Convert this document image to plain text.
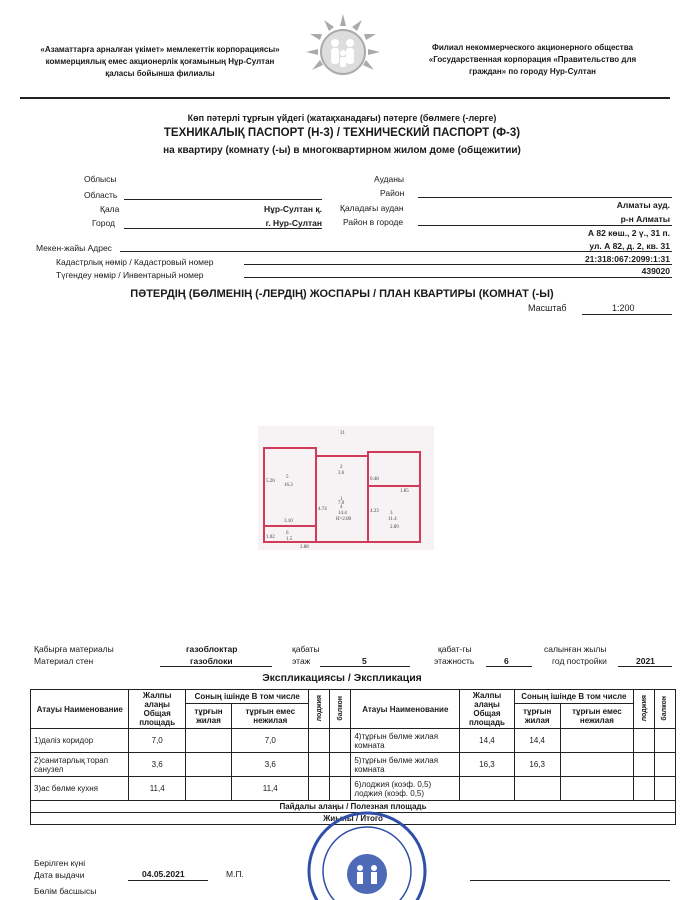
«Азаматтарға арналған үкімет» мемлекеттік корпорациясы»
коммерциялық емес акционерлік қоғамының Нұр-Султан
қаласы бойынша филиалы
Филиал некоммерческого акционерного общества
«Государственная корпорация «Правительство для
граждан» по городу Нур-Султан
Көп пәтерлі тұрғын үйдегі (жатақханадағы) пәтерге (бөлмеге (-лерге)
ТЕХНИКАЛЫҚ ПАСПОРТ (Н-3) / ТЕХНИЧЕСКИЙ ПАСПОРТ (Ф-3)
на квартиру (комнату (-ы) в многоквартирном жилом доме (общежитии)
Облысы
Область
Қала	Нұр-Султан қ.
Город	г. Нур-Султан
Ауданы
Район
Қаладағы аудан	Алматы ауд.
Район в городе	р-н Алматы
А 82 көш., 2 ү., 31 п.
Мекен-жайы Адрес	ул. А 82, д. 2, кв. 31
Кадастрлық нөмір / Кадастровый номер	21:318:067:2099:1:31
Түгендеу нөмір / Инвентарный номер	439020
ПӘТЕРДІҢ (БӨЛМЕНІҢ (-ЛЕРДІҢ) ЖОСПАРЫ / ПЛАН КВАРТИРЫ (КОМНАТ (-Ы)
Масштаб	1:200
5.26
5
16.3
3.10
4.74	4
14.4
H=2.80
2
3.6
1
7.0
1.85
4.23 3
11.4
2.89
1.02
6
1.5
2.88
0.48
31
Қабырға материалы
Материал стен
газоблоктар
газоблоки
қабаты
этаж	5
қабат-гы
этажность	6
салынған жылы
год постройки	2021
Экспликациясы / Экспликация
Атауы Наименование	Жалпы алаңы Общая площадь	Соның ішінде В том числе		лоджия	балкон	Атауы Наименование	Жалпы алаңы Общая площадь	Соның ішінде В том числе		лоджия	балкон
		тұрғын жилая	тұрғын емес нежилая					тұрғын жилая	тұрғын емес нежилая		
1)дәліз коридор	7,0		7,0			4)тұрғын бөлме жилая комната	14,4	14,4			
2)санитарлық торап санузел	3,6		3,6			5)тұрғын бөлме жилая комната	16,3	16,3			
3)ас бөлме кухня	11,4		11,4			6)лоджия (коэф. 0,5) лоджия (коэф. 0,5)					
Пайдалы алаңы / Полезная площадь											
Жиыны / Итого											
Берілген күні
Дата выдачи	04.05.2021	М.П.
Бөлім басшысы
